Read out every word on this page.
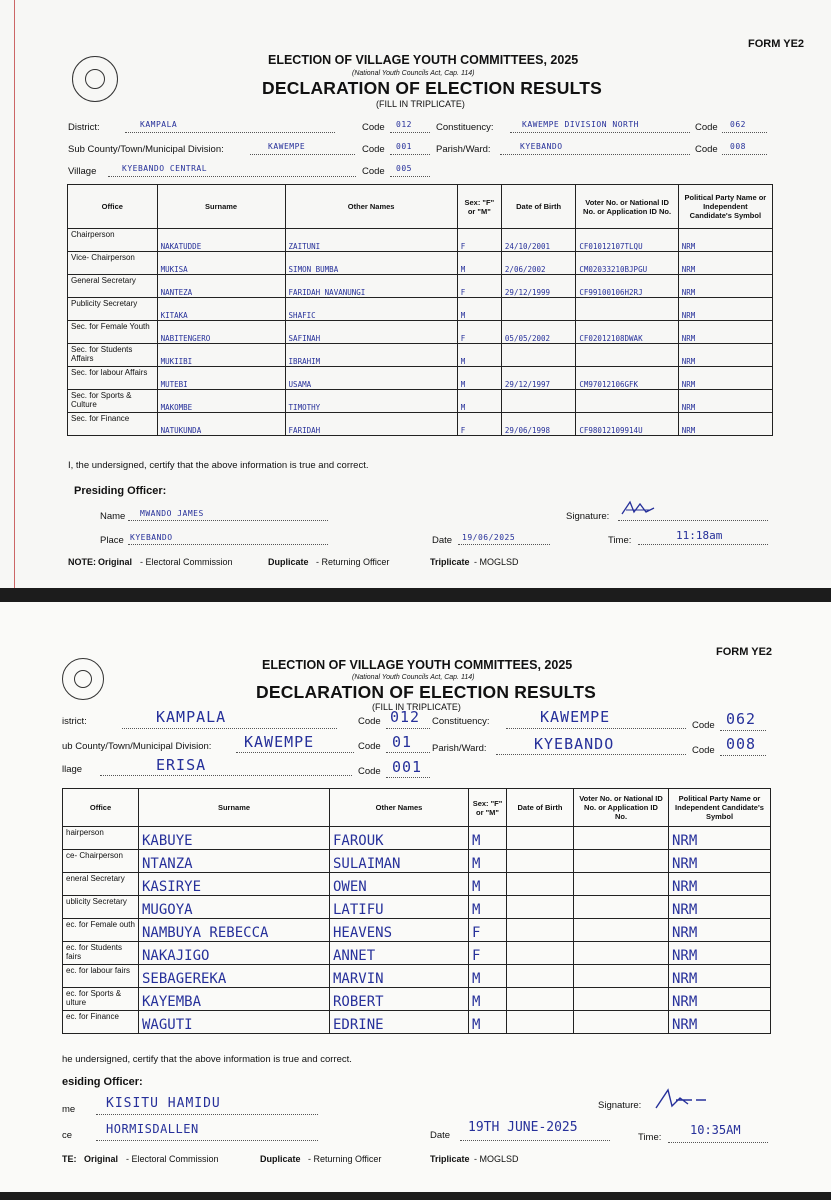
FORM YE2
ELECTION OF VILLAGE YOUTH COMMITTEES, 2025
(National Youth Councils Act, Cap. 114)
DECLARATION OF ELECTION RESULTS
(FILL IN TRIPLICATE)
District:	KAMPALA	Code 012	Constituency:	KAWEMPE DIVISION NORTH	Code 062
Sub County/Town/Municipal Division:	KAWEMPE	Code 001	Parish/Ward:	KYEBANDO	Code 008
Village	KYEBANDO CENTRAL	Code 005
Office	Surname	Other Names	Sex: "F" or "M"	Date of Birth	Voter No. or National ID No. or Application ID No.	Political Party Name or Independent Candidate's Symbol
Chairperson	NAKATUDDE	ZAITUNI	F	24/10/2001	CF01012107TLQU	NRM
Vice- Chairperson	MUKISA	SIMON BUMBA	M	2/06/2002	CM02033210BJPGU	NRM
General Secretary	NANTEZA	FARIDAH NAVANUNGI	F	29/12/1999	CF99100106H2RJ	NRM
Publicity Secretary	KITAKA	SHAFIC	M			NRM
Sec. for Female Youth	NABITENGERO	SAFINAH	F	05/05/2002	CF02012108DWAK	NRM
Sec. for Students Affairs	MUKIIBI	IBRAHIM	M			NRM
Sec. for labour Affairs	MUTEBI	USAMA	M	29/12/1997	CM97012106GFK	NRM
Sec. for Sports & Culture	MAKOMBE	TIMOTHY	M			NRM
Sec. for Finance	NATUKUNDA	FARIDAH	F	29/06/1998	CF98012109914U	NRM
I, the undersigned, certify that the above information is true and correct.
Presiding Officer:
Name MWANDO JAMES	Signature:
Place KYEBANDO	Date 19/06/2025	Time:	11:18am
NOTE: Original - Electoral Commission	Duplicate - Returning Officer	Triplicate - MOGLSD
FORM YE2
ELECTION OF VILLAGE YOUTH COMMITTEES, 2025
(National Youth Councils Act, Cap. 114)
DECLARATION OF ELECTION RESULTS
(FILL IN TRIPLICATE)
istrict:	KAMPALA	Code 012 Constituency:	KAWEMPE	Code 062
ub County/Town/Municipal Division: KAWEMPE	Code 01 Parish/Ward:	KYEBANDO	Code 008
llage	ERISA	Code 001
Office	Surname	Other Names	Sex: "F" or "M"	Date of Birth	Voter No. or National ID No. or Application ID No.	Political Party Name or Independent Candidate's Symbol
hairperson	KABUYE	FAROUK	M			NRM
ce- Chairperson	NTANZA	SULAIMAN	M			NRM
eneral Secretary	KASIRYE	OWEN	M			NRM
ublicity Secretary	MUGOYA	LATIFU	M			NRM
ec. for Female outh	NAMBUYA REBECCA	HEAVENS	F			NRM
ec. for Students fairs	NAKAJIGO	ANNET	F			NRM
ec. for labour fairs	SEBAGEREKA	MARVIN	M			NRM
ec. for Sports & ulture	KAYEMBA	ROBERT	M			NRM
ec. for Finance	WAGUTI	EDRINE	M			NRM
he undersigned, certify that the above information is true and correct.
esiding Officer:
me KISITU HAMIDU	Signature:
ce	HORMISDALLEN	Date
19TH JUNE-2025
Time:
10:35AM
TE: Original - Electoral Commission	Duplicate - Returning Officer	Triplicate - MOGLSD
